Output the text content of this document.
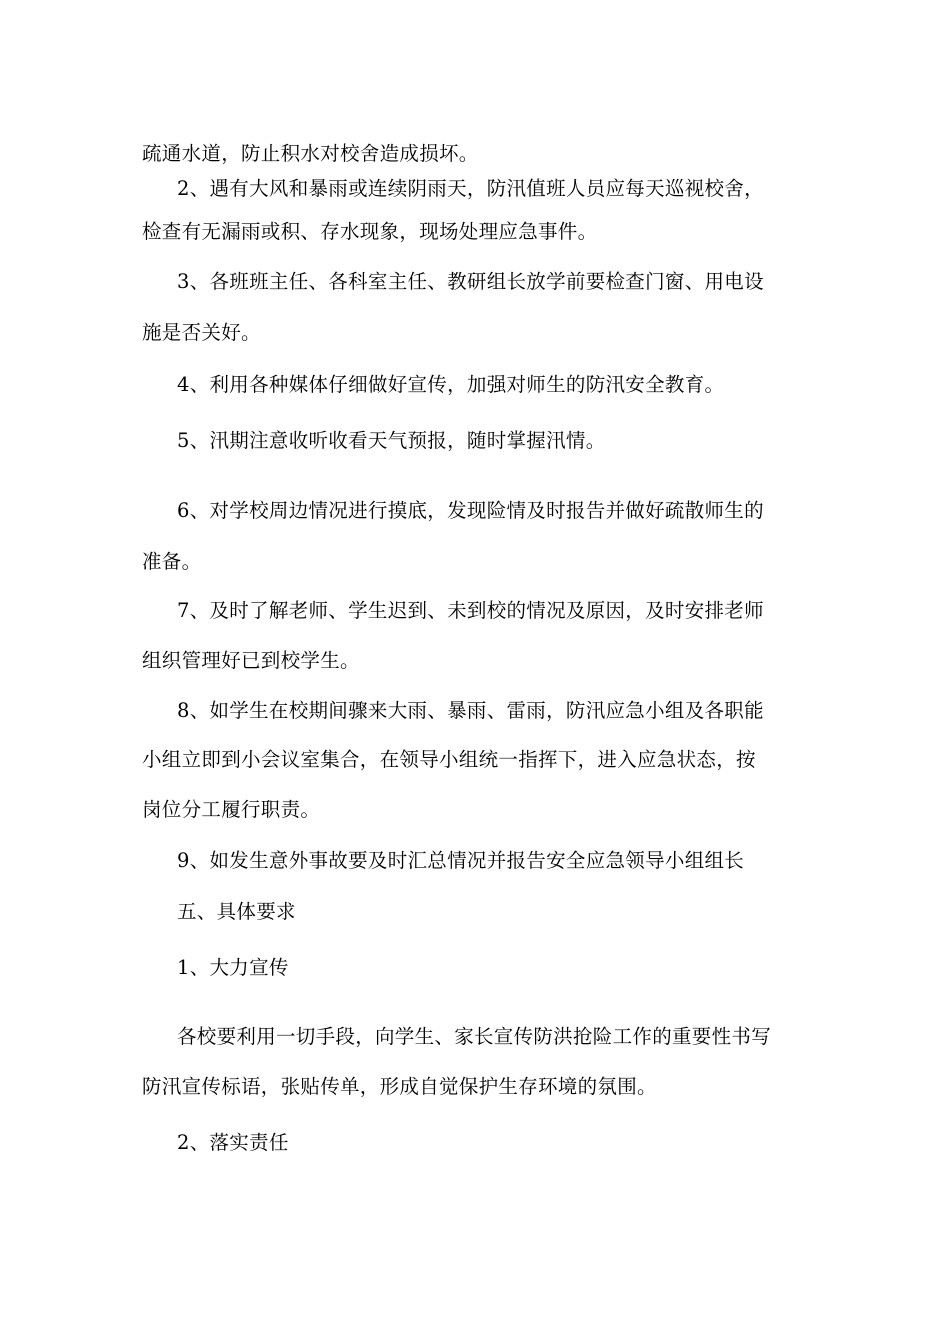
疏通水道，防止积水对校舍造成损坏。
2、遇有大风和暴雨或连续阴雨天，防汛值班人员应每天巡视校舍，
检查有无漏雨或积、存水现象，现场处理应急事件。
3、各班班主任、各科室主任、教研组长放学前要检查门窗、用电设
施是否关好。
4、利用各种媒体仔细做好宣传，加强对师生的防汛安全教育。
5、汛期注意收听收看天气预报，随时掌握汛情。
6、对学校周边情况进行摸底，发现险情及时报告并做好疏散师生的
准备。
7、及时了解老师、学生迟到、未到校的情况及原因，及时安排老师
组织管理好已到校学生。
8、如学生在校期间骤来大雨、暴雨、雷雨，防汛应急小组及各职能
小组立即到小会议室集合，在领导小组统一指挥下，进入应急状态，按
岗位分工履行职责。
9、如发生意外事故要及时汇总情况并报告安全应急领导小组组长
五、具体要求
1、大力宣传
各校要利用一切手段，向学生、家长宣传防洪抢险工作的重要性书写
防汛宣传标语，张贴传单，形成自觉保护生存环境的氛围。
2、落实责任
